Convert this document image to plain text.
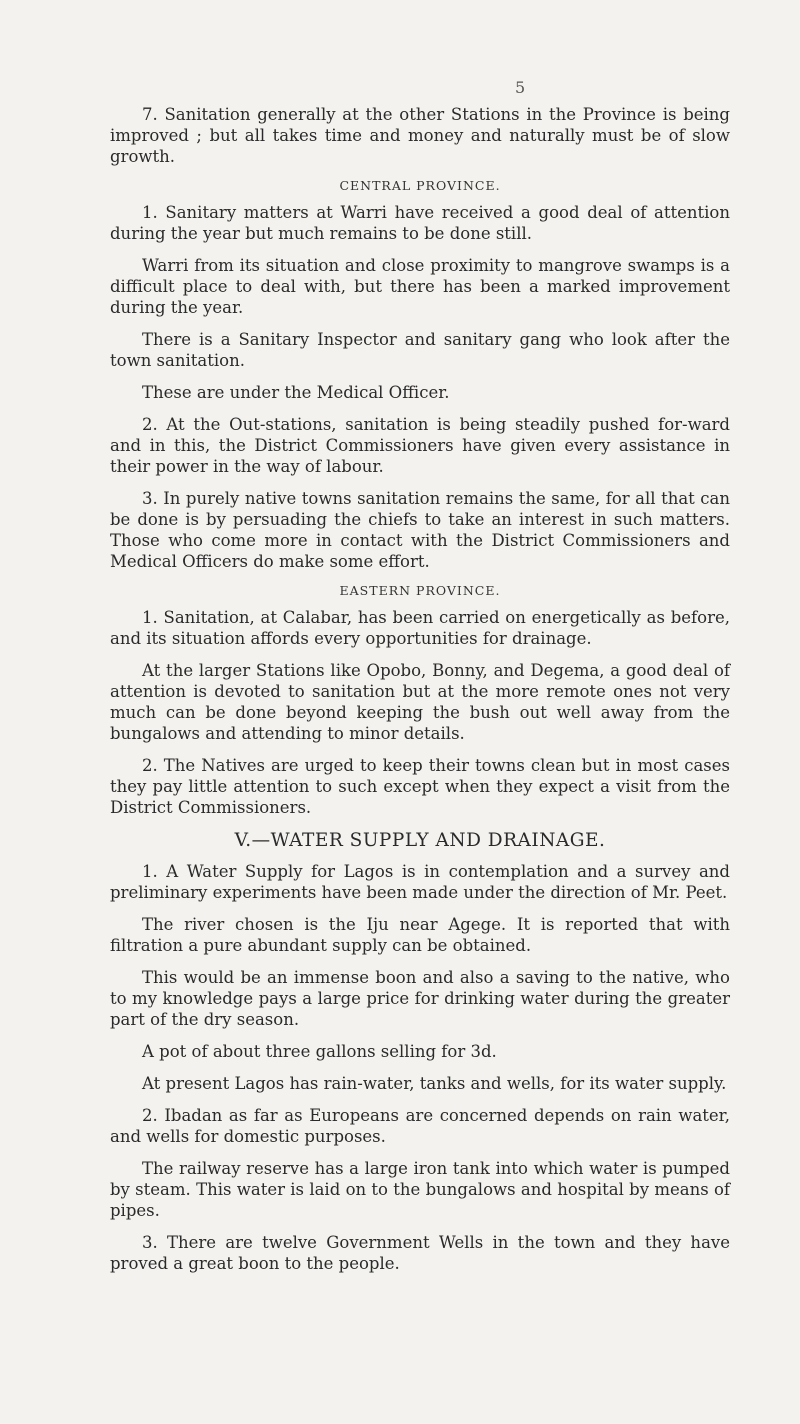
5

7. Sanitation generally at the other Stations in the Province is being improved ; but all takes time and money and naturally must be of slow growth.

CENTRAL PROVINCE.

1. Sanitary matters at Warri have received a good deal of attention during the year but much remains to be done still.

Warri from its situation and close proximity to mangrove swamps is a difficult place to deal with, but there has been a marked improvement during the year.

There is a Sanitary Inspector and sanitary gang who look after the town sanitation.

These are under the Medical Officer.

2. At the Out-stations, sanitation is being steadily pushed for-ward and in this, the District Commissioners have given every assistance in their power in the way of labour.

3. In purely native towns sanitation remains the same, for all that can be done is by persuading the chiefs to take an interest in such matters. Those who come more in contact with the District Commissioners and Medical Officers do make some effort.

EASTERN PROVINCE.

1. Sanitation, at Calabar, has been carried on energetically as before, and its situation affords every opportunities for drainage.

At the larger Stations like Opobo, Bonny, and Degema, a good deal of attention is devoted to sanitation but at the more remote ones not very much can be done beyond keeping the bush out well away from the bungalows and attending to minor details.

2. The Natives are urged to keep their towns clean but in most cases they pay little attention to such except when they expect a visit from the District Commissioners.

V.—WATER SUPPLY AND DRAINAGE.

1. A Water Supply for Lagos is in contemplation and a survey and preliminary experiments have been made under the direction of Mr. Peet.

The river chosen is the Iju near Agege. It is reported that with filtration a pure abundant supply can be obtained.

This would be an immense boon and also a saving to the native, who to my knowledge pays a large price for drinking water during the greater part of the dry season.

A pot of about three gallons selling for 3d.

At present Lagos has rain-water, tanks and wells, for its water supply.

2. Ibadan as far as Europeans are concerned depends on rain water, and wells for domestic purposes.

The railway reserve has a large iron tank into which water is pumped by steam. This water is laid on to the bungalows and hospital by means of pipes.

3. There are twelve Government Wells in the town and they have proved a great boon to the people.
